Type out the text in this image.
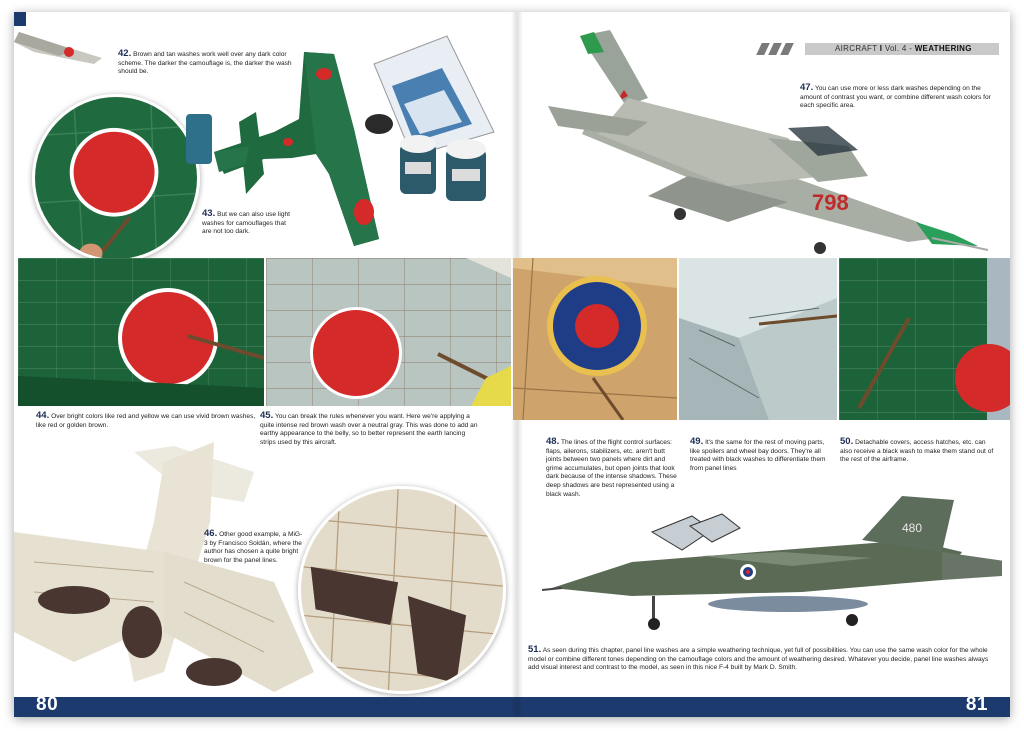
42. Brown and tan washes work well over any dark color scheme. The darker the camouflage is, the darker the wash should be.
43. But we can also use light washes for camouflages that are not too dark.
44. Over bright colors like red and yellow we can use vivid brown washes, like red or golden brown.
45. You can break the rules whenever you want. Here we're applying a quite intense red brown wash over a neutral gray. This was done to add an earthy appearance to the belly, so to better represent the earth lancing strips used by this aircraft.
46. Other good example, a MiG-3 by Francisco Soldán, where the author has chosen a quite bright brown for the panel lines.
80	81
AIRCRAFT I Vol. 4 - WEATHERING
798
47. You can use more or less dark washes depending on the amount of contrast you want, or combine different wash colors for each specific area.
48. The lines of the flight control surfaces: flaps, ailerons, stabilizers, etc. aren't butt joints between two panels where dirt and grime accumulates, but open joints that look dark because of the intense shadows. These deep shadows are best represented using a black wash.
49. It's the same for the rest of moving parts, like spoilers and wheel bay doors. They're all treated with black washes to differentiate them from panel lines
50. Detachable covers, access hatches, etc. can also receive a black wash to make them stand out of the rest of the airframe.
480
51. As seen during this chapter, panel line washes are a simple weathering technique, yet full of possibilities. You can use the same wash color for the whole model or combine different tones depending on the camouflage colors and the amount of weathering desired. Whatever you decide, panel line washes always add visual interest and contrast to the model, as seen in this nice F-4 built by Mark D. Smith.
